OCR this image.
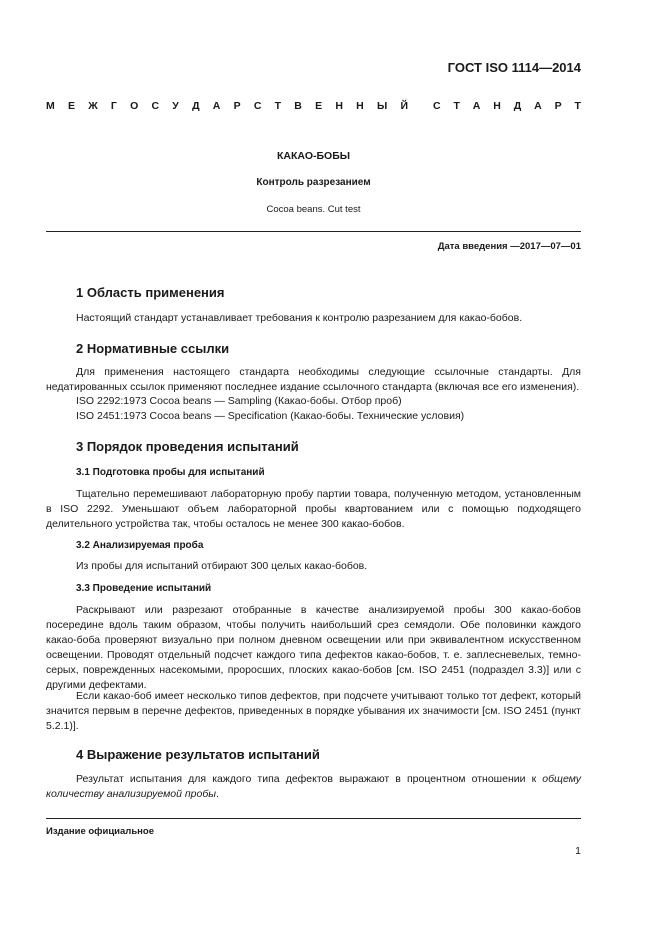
ГОСТ ISO 1114—2014
М Е Ж Г О С У Д А Р С Т В Е Н Н Ы Й С Т А Н Д А Р Т
КАКАО-БОБЫ
Контроль разрезанием
Cocoa beans. Cut test
Дата введения —2017—07—01
1 Область применения

Настоящий стандарт устанавливает требования к контролю разрезанием для какао-бобов.

2 Нормативные ссылки

Для применения настоящего стандарта необходимы следующие ссылочные стандарты. Для недатированных ссылок применяют последнее издание ссылочного стандарта (включая все его изменения).

ISO 2292:1973 Cocoa beans — Sampling (Какао-бобы. Отбор проб)

ISO 2451:1973 Cocoa beans — Specification (Какао-бобы. Технические условия)

3 Порядок проведения испытаний
3.1 Подготовка пробы для испытаний

Тщательно перемешивают лабораторную пробу партии товара, полученную методом, установленным в ISO 2292. Уменьшают объем лабораторной пробы квартованием или с помощью подходящего делительного устройства так, чтобы осталось не менее 300 какао-бобов.

3.2 Анализируемая проба

Из пробы для испытаний отбирают 300 целых какао-бобов.

3.3 Проведение испытаний

Раскрывают или разрезают отобранные в качестве анализируемой пробы 300 какао-бобов посередине вдоль таким образом, чтобы получить наибольший срез семядоли. Обе половинки каждого какао-боба проверяют визуально при полном дневном освещении или при эквивалентном искусственном освещении. Проводят отдельный подсчет каждого типа дефектов какао-бобов, т. е. заплесневелых, темно-серых, поврежденных насекомыми, проросших, плоских какао-бобов [см. ISO 2451 (подраздел 3.3)] или с другими дефектами.

Если какао-боб имеет несколько типов дефектов, при подсчете учитывают только тот дефект, который значится первым в перечне дефектов, приведенных в порядке убывания их значимости [см. ISO 2451 (пункт 5.2.1)].

4 Выражение результатов испытаний

Результат испытания для каждого типа дефектов выражают в процентном отношении к общему количеству анализируемой пробы.

Издание официальное
1
